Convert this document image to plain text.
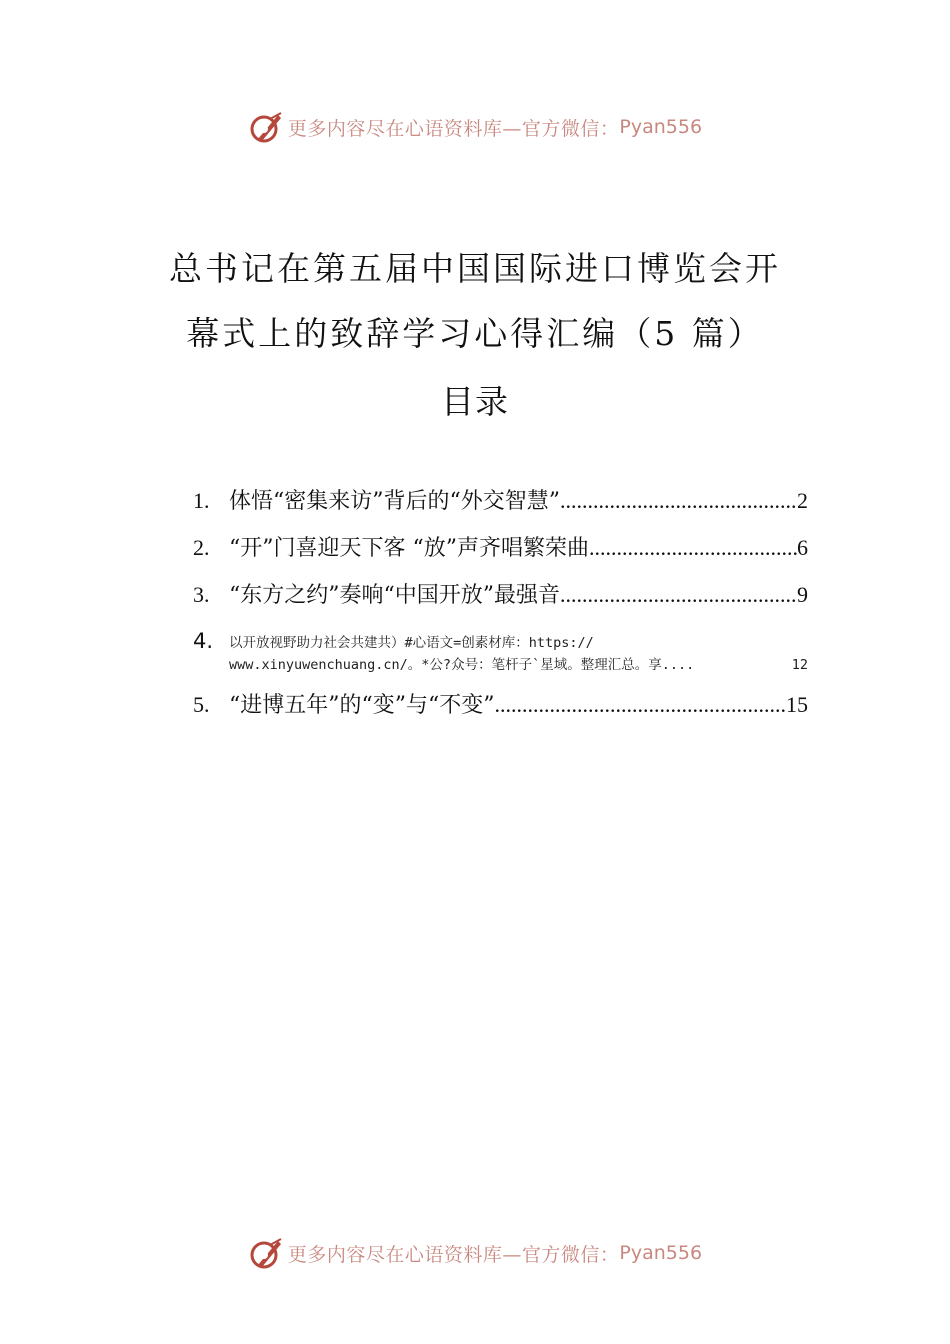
更多内容尽在心语资料库—官方微信： Pyan556
总书记在第五届中国国际进口博览会开
幕式上的致辞学习心得汇编（5 篇）
目录
1. 体悟“密集来访”背后的“外交智慧” .....	2
2. “开”门喜迎天下客 “放”声齐唱繁荣曲 .....	6
3. “东方之约”奏响“中国开放”最强音 .....	9
4.	以开放视野助力社会共建共）#心语文=创素材库：https://
www.xinyuwenchuang.cn/。*公?众号：笔杆子`星域。整理汇总。享....	12
5. “进博五年”的“变”与“不变” .....	15
更多内容尽在心语资料库—官方微信： Pyan556
